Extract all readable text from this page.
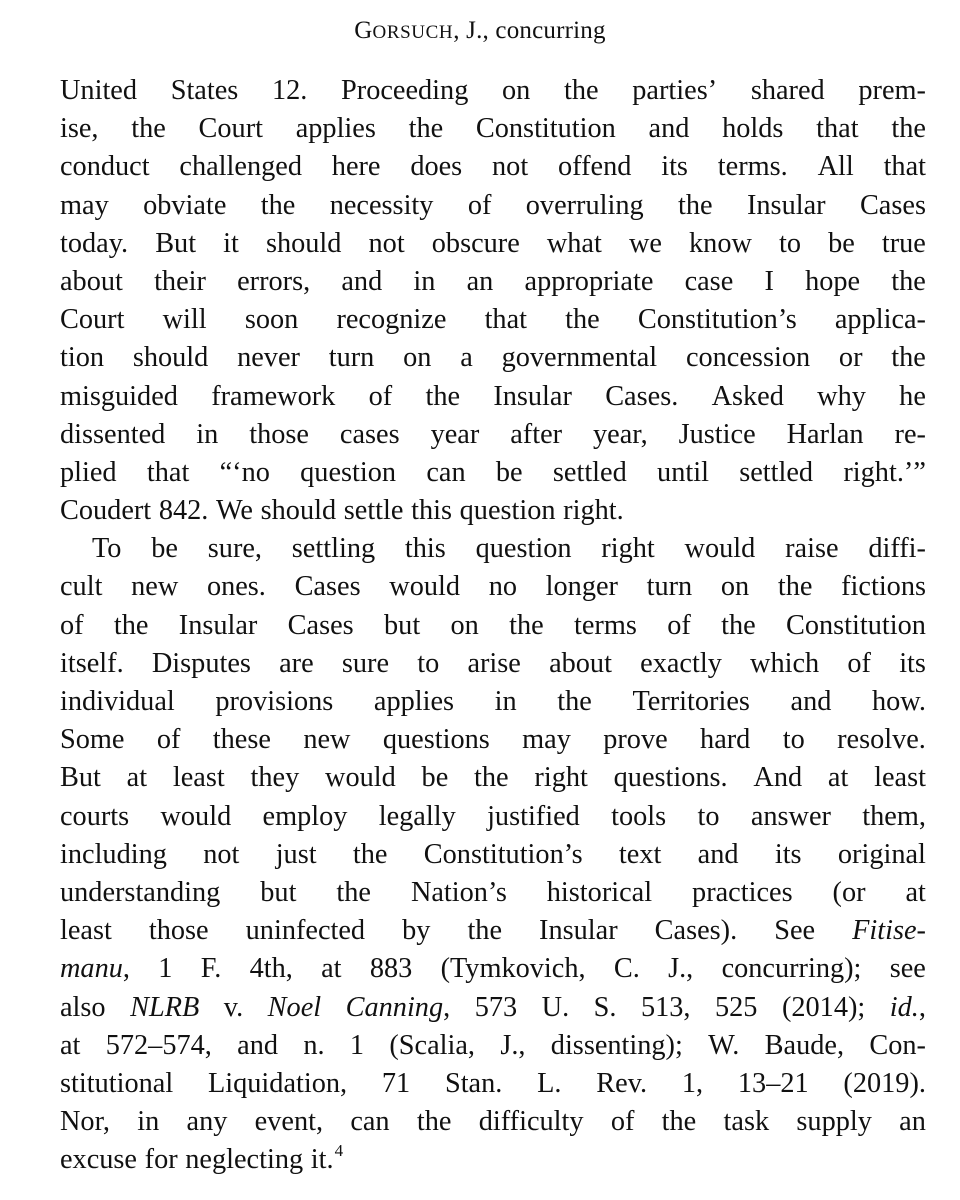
GORSUCH, J., concurring
United States 12. Proceeding on the parties’ shared prem-
ise, the Court applies the Constitution and holds that the
conduct challenged here does not offend its terms. All that
may obviate the necessity of overruling the Insular Cases
today. But it should not obscure what we know to be true
about their errors, and in an appropriate case I hope the
Court will soon recognize that the Constitution’s applica-
tion should never turn on a governmental concession or the
misguided framework of the Insular Cases. Asked why he
dissented in those cases year after year, Justice Harlan re-
plied that “‘no question can be settled until settled right.’”
Coudert 842. We should settle this question right.
To be sure, settling this question right would raise diffi-
cult new ones. Cases would no longer turn on the fictions
of the Insular Cases but on the terms of the Constitution
itself. Disputes are sure to arise about exactly which of its
individual provisions applies in the Territories and how.
Some of these new questions may prove hard to resolve.
But at least they would be the right questions. And at least
courts would employ legally justified tools to answer them,
including not just the Constitution’s text and its original
understanding but the Nation’s historical practices (or at
least those uninfected by the Insular Cases). See Fitise-
manu, 1 F. 4th, at 883 (Tymkovich, C. J., concurring); see
also NLRB v. Noel Canning, 573 U. S. 513, 525 (2014); id.,
at 572–574, and n. 1 (Scalia, J., dissenting); W. Baude, Con-
stitutional Liquidation, 71 Stan. L. Rev. 1, 13–21 (2019).
Nor, in any event, can the difficulty of the task supply an
excuse for neglecting it.$^4$
